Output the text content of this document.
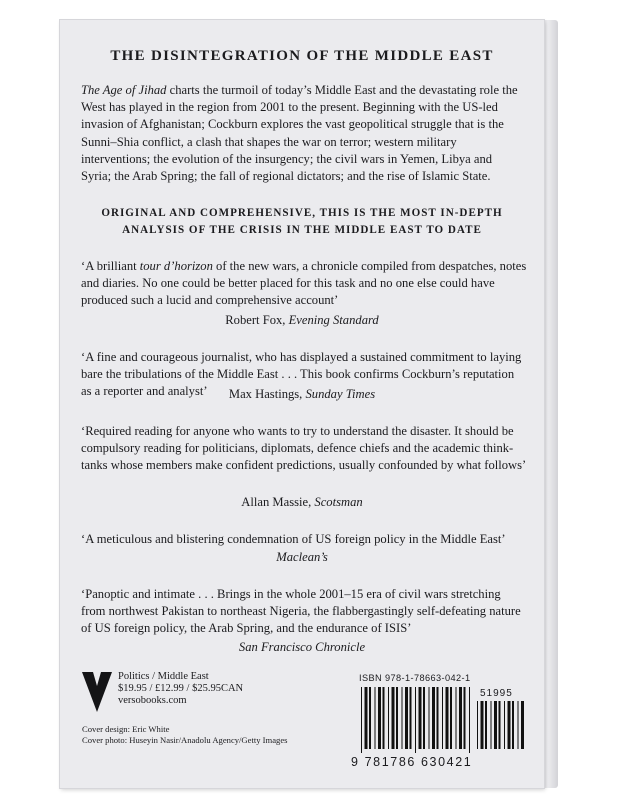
THE DISINTEGRATION OF THE MIDDLE EAST

The Age of Jihad charts the turmoil of today’s Middle East and the devastating role the West has played in the region from 2001 to the present. Beginning with the US-led invasion of Afghanistan; Cockburn explores the vast geopolitical struggle that is the Sunni–Shia conflict, a clash that shapes the war on terror; western military interventions; the evolution of the insurgency; the civil wars in Yemen, Libya and Syria; the Arab Spring; the fall of regional dictators; and the rise of Islamic State.

ORIGINAL AND COMPREHENSIVE, THIS IS THE MOST IN-DEPTH
ANALYSIS OF THE CRISIS IN THE MIDDLE EAST TO DATE

‘A brilliant tour d’horizon of the new wars, a chronicle compiled from despatches, notes and diaries. No one could be better placed for this task and no one else could have produced such a lucid and comprehensive account’

Robert Fox, Evening Standard

‘A fine and courageous journalist, who has displayed a sustained commitment to laying bare the tribulations of the Middle East . . . This book confirms Cockburn’s reputation as a reporter and analyst’	Max Hastings, Sunday Times

‘Required reading for anyone who wants to try to understand the disaster. It should be compulsory reading for politicians, diplomats, defence chiefs and the academic think-tanks whose members make confident predictions, usually confounded by what follows’

Allan Massie, Scotsman

‘A meticulous and blistering condemnation of US foreign policy in the Middle East’

Maclean’s

‘Panoptic and intimate . . . Brings in the whole 2001–15 era of civil wars stretching from northwest Pakistan to northeast Nigeria, the flabbergastingly self-defeating nature of US foreign policy, the Arab Spring, and the endurance of ISIS’

San Francisco Chronicle

Politics / Middle East
$19.95 / £12.99 / $25.95CAN
versobooks.com
Cover design: Eric White
Cover photo: Huseyin Nasir/Anadolu Agency/Getty Images
ISBN 978-1-78663-042-1
51995
9 781786 630421
